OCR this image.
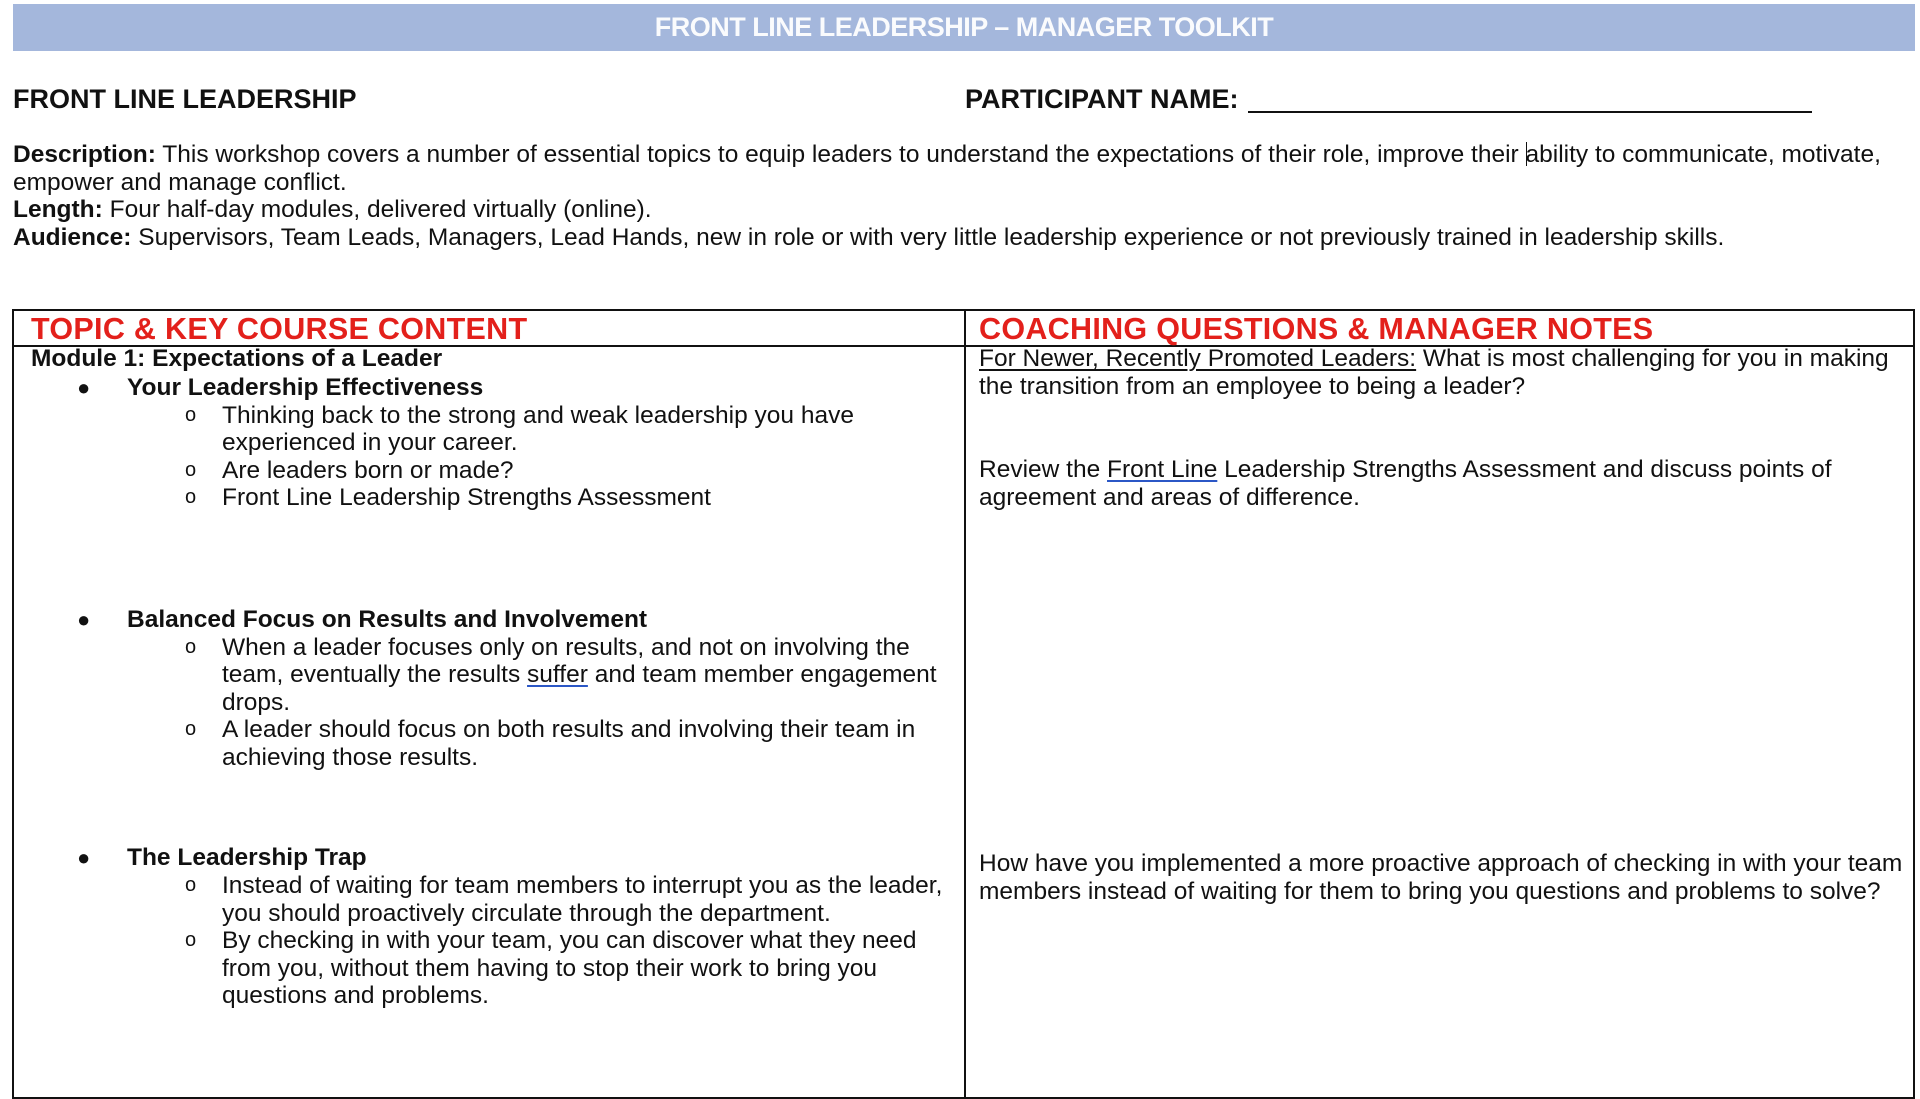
FRONT LINE LEADERSHIP – MANAGER TOOLKIT
FRONT LINE LEADERSHIP	PARTICIPANT NAME:

Description: This workshop covers a number of essential topics to equip leaders to understand the expectations of their role, improve their ability to communicate, motivate, empower and manage conflict.

Length: Four half-day modules, delivered virtually (online).

Audience: Supervisors, Team Leads, Managers, Lead Hands, new in role or with very little leadership experience or not previously trained in leadership skills.

TOPIC & KEY COURSE CONTENT	COACHING QUESTIONS & MANAGER NOTES

Module 1: Expectations of a Leader

● Your Leadership Effectiveness
o Thinking back to the strong and weak leadership you have experienced in your career.
o Are leaders born or made?
o Front Line Leadership Strengths Assessment
● Balanced Focus on Results and Involvement
o When a leader focuses only on results, and not on involving the team, eventually the results suffer and team member engagement drops.
o A leader should focus on both results and involving their team in achieving those results.
● The Leadership Trap
o Instead of waiting for team members to interrupt you as the leader, you should proactively circulate through the department.
o By checking in with your team, you can discover what they need from you, without them having to stop their work to bring you questions and problems.

For Newer, Recently Promoted Leaders: What is most challenging for you in making the transition from an employee to being a leader?

Review the Front Line Leadership Strengths Assessment and discuss points of agreement and areas of difference.

How have you implemented a more proactive approach of checking in with your team members instead of waiting for them to bring you questions and problems to solve?
